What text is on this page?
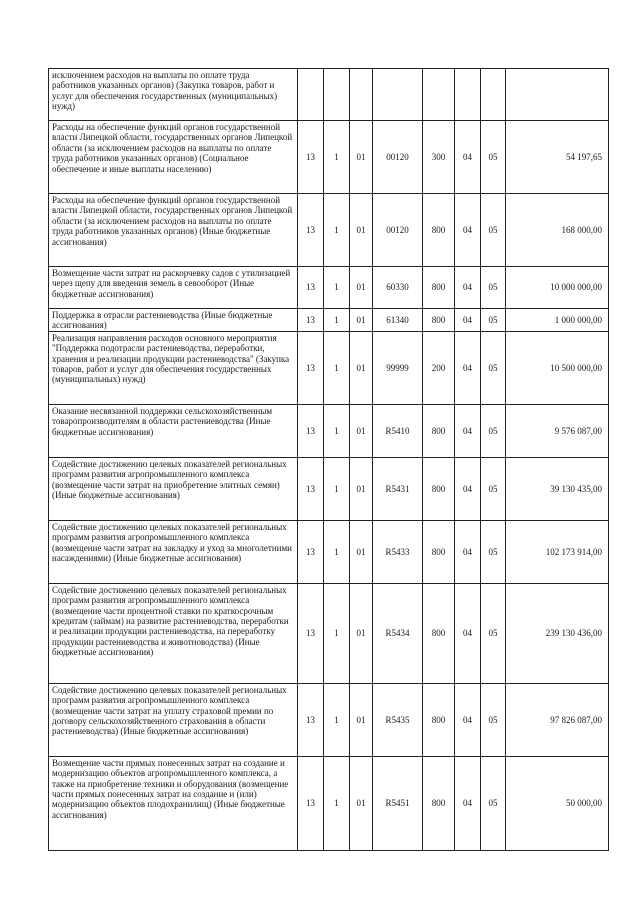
исключением расходов на выплаты по оплате труда работников указанных органов) (Закупка товаров, работ и услуг для обеспечения государственных (муниципальных) нужд)								
Расходы на обеспечение функций органов государственной власти Липецкой области, государственных органов Липецкой области (за исключением расходов на выплаты по оплате труда работников указанных органов) (Социальное обеспечение и иные выплаты населению)	13	1	01	00120	300	04	05	54 197,65
Расходы на обеспечение функций органов государственной власти Липецкой области, государственных органов Липецкой области (за исключением расходов на выплаты по оплате труда работников указанных органов) (Иные бюджетные ассигнования)	13	1	01	00120	800	04	05	168 000,00
Возмещение части затрат на раскорчевку садов с утилизацией через щепу для введения земель в севооборот (Иные бюджетные ассигнования)	13	1	01	60330	800	04	05	10 000 000,00
Поддержка в отрасли растениеводства (Иные бюджетные ассигнования)	13	1	01	61340	800	04	05	1 000 000,00
Реализация направления расходов основного мероприятия "Поддержка подотрасли растениеводства, переработки, хранения и реализации продукции растениеводства" (Закупка товаров, работ и услуг для обеспечения государственных (муниципальных) нужд)	13	1	01	99999	200	04	05	10 500 000,00
Оказание несвязанной поддержки сельскохозяйственным товаропроизводителям в области растениеводства (Иные бюджетные ассигнования)	13	1	01	R5410	800	04	05	9 576 087,00
Содействие достижению целевых показателей региональных программ развития агропромышленного комплекса (возмещение части затрат на приобретение элитных семян) (Иные бюджетные ассигнования)	13	1	01	R5431	800	04	05	39 130 435,00
Содействие достижению целевых показателей региональных программ развития агропромышленного комплекса (возмещение части затрат на закладку и уход за многолетними насаждениями) (Иные бюджетные ассигнования)	13	1	01	R5433	800	04	05	102 173 914,00
Содействие достижению целевых показателей региональных программ развития агропромышленного комплекса (возмещение части процентной ставки по краткосрочным кредитам (займам) на развитие растениеводства, переработки и реализации продукции растениеводства, на переработку продукции растениеводства и животноводства) (Иные бюджетные ассигнования)	13	1	01	R5434	800	04	05	239 130 436,00
Содействие достижению целевых показателей региональных программ развития агропромышленного комплекса (возмещение части затрат на уплату страховой премии по договору сельскохозяйственного страхования в области растениеводства) (Иные бюджетные ассигнования)	13	1	01	R5435	800	04	05	97 826 087,00
Возмещение части прямых понесенных затрат на создание и модернизацию объектов агропромышленного комплекса, а также на приобретение техники и оборудования (возмещение части прямых понесенных затрат на создание и (или) модернизацию объектов плодохранилищ) (Иные бюджетные ассигнования)	13	1	01	R5451	800	04	05	50 000,00
